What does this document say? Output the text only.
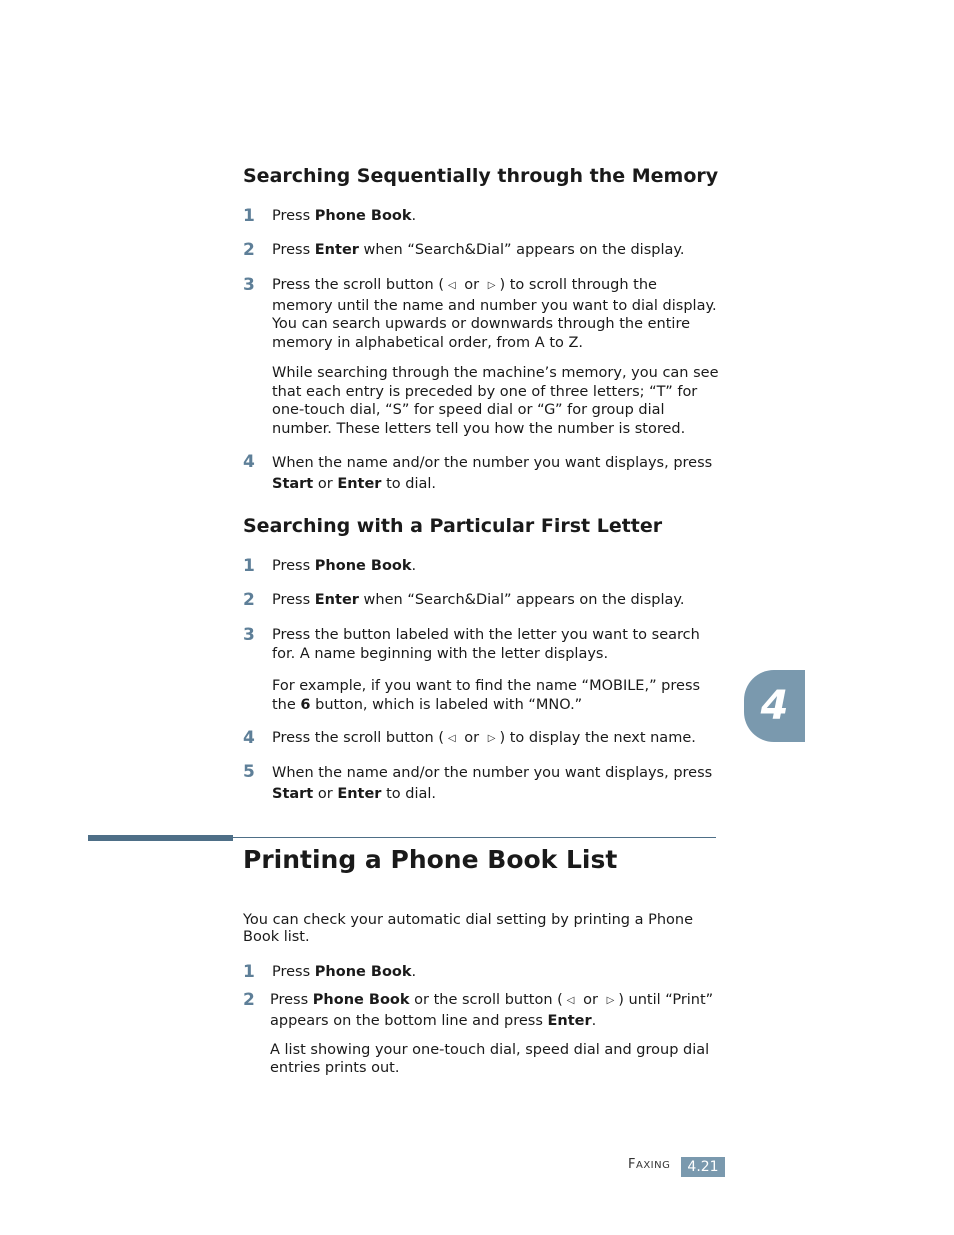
Searching Sequentially through the Memory
1 Press Phone Book.
2 Press Enter when “Search&Dial” appears on the display.
3 Press the scroll button ( ◁ or ▷ ) to scroll through the memory until the name and number you want to dial display. You can search upwards or downwards through the entire memory in alphabetical order, from A to Z.
While searching through the machine’s memory, you can see that each entry is preceded by one of three letters; “T” for one-touch dial, “S” for speed dial or “G” for group dial number. These letters tell you how the number is stored.
4 When the name and/or the number you want displays, press Start or Enter to dial.
Searching with a Particular First Letter
1 Press Phone Book.
2 Press Enter when “Search&Dial” appears on the display.
3 Press the button labeled with the letter you want to search for. A name beginning with the letter displays.
For example, if you want to find the name “MOBILE,” press the 6 button, which is labeled with “MNO.”
4 Press the scroll button ( ◁ or ▷ ) to display the next name.
5 When the name and/or the number you want displays, press Start or Enter to dial.
4
Printing a Phone Book List
You can check your automatic dial setting by printing a Phone Book list.
1 Press Phone Book.
2 Press Phone Book or the scroll button ( ◁ or ▷ ) until “Print” appears on the bottom line and press Enter.
A list showing your one-touch dial, speed dial and group dial entries prints out.
FAXING	4.21
